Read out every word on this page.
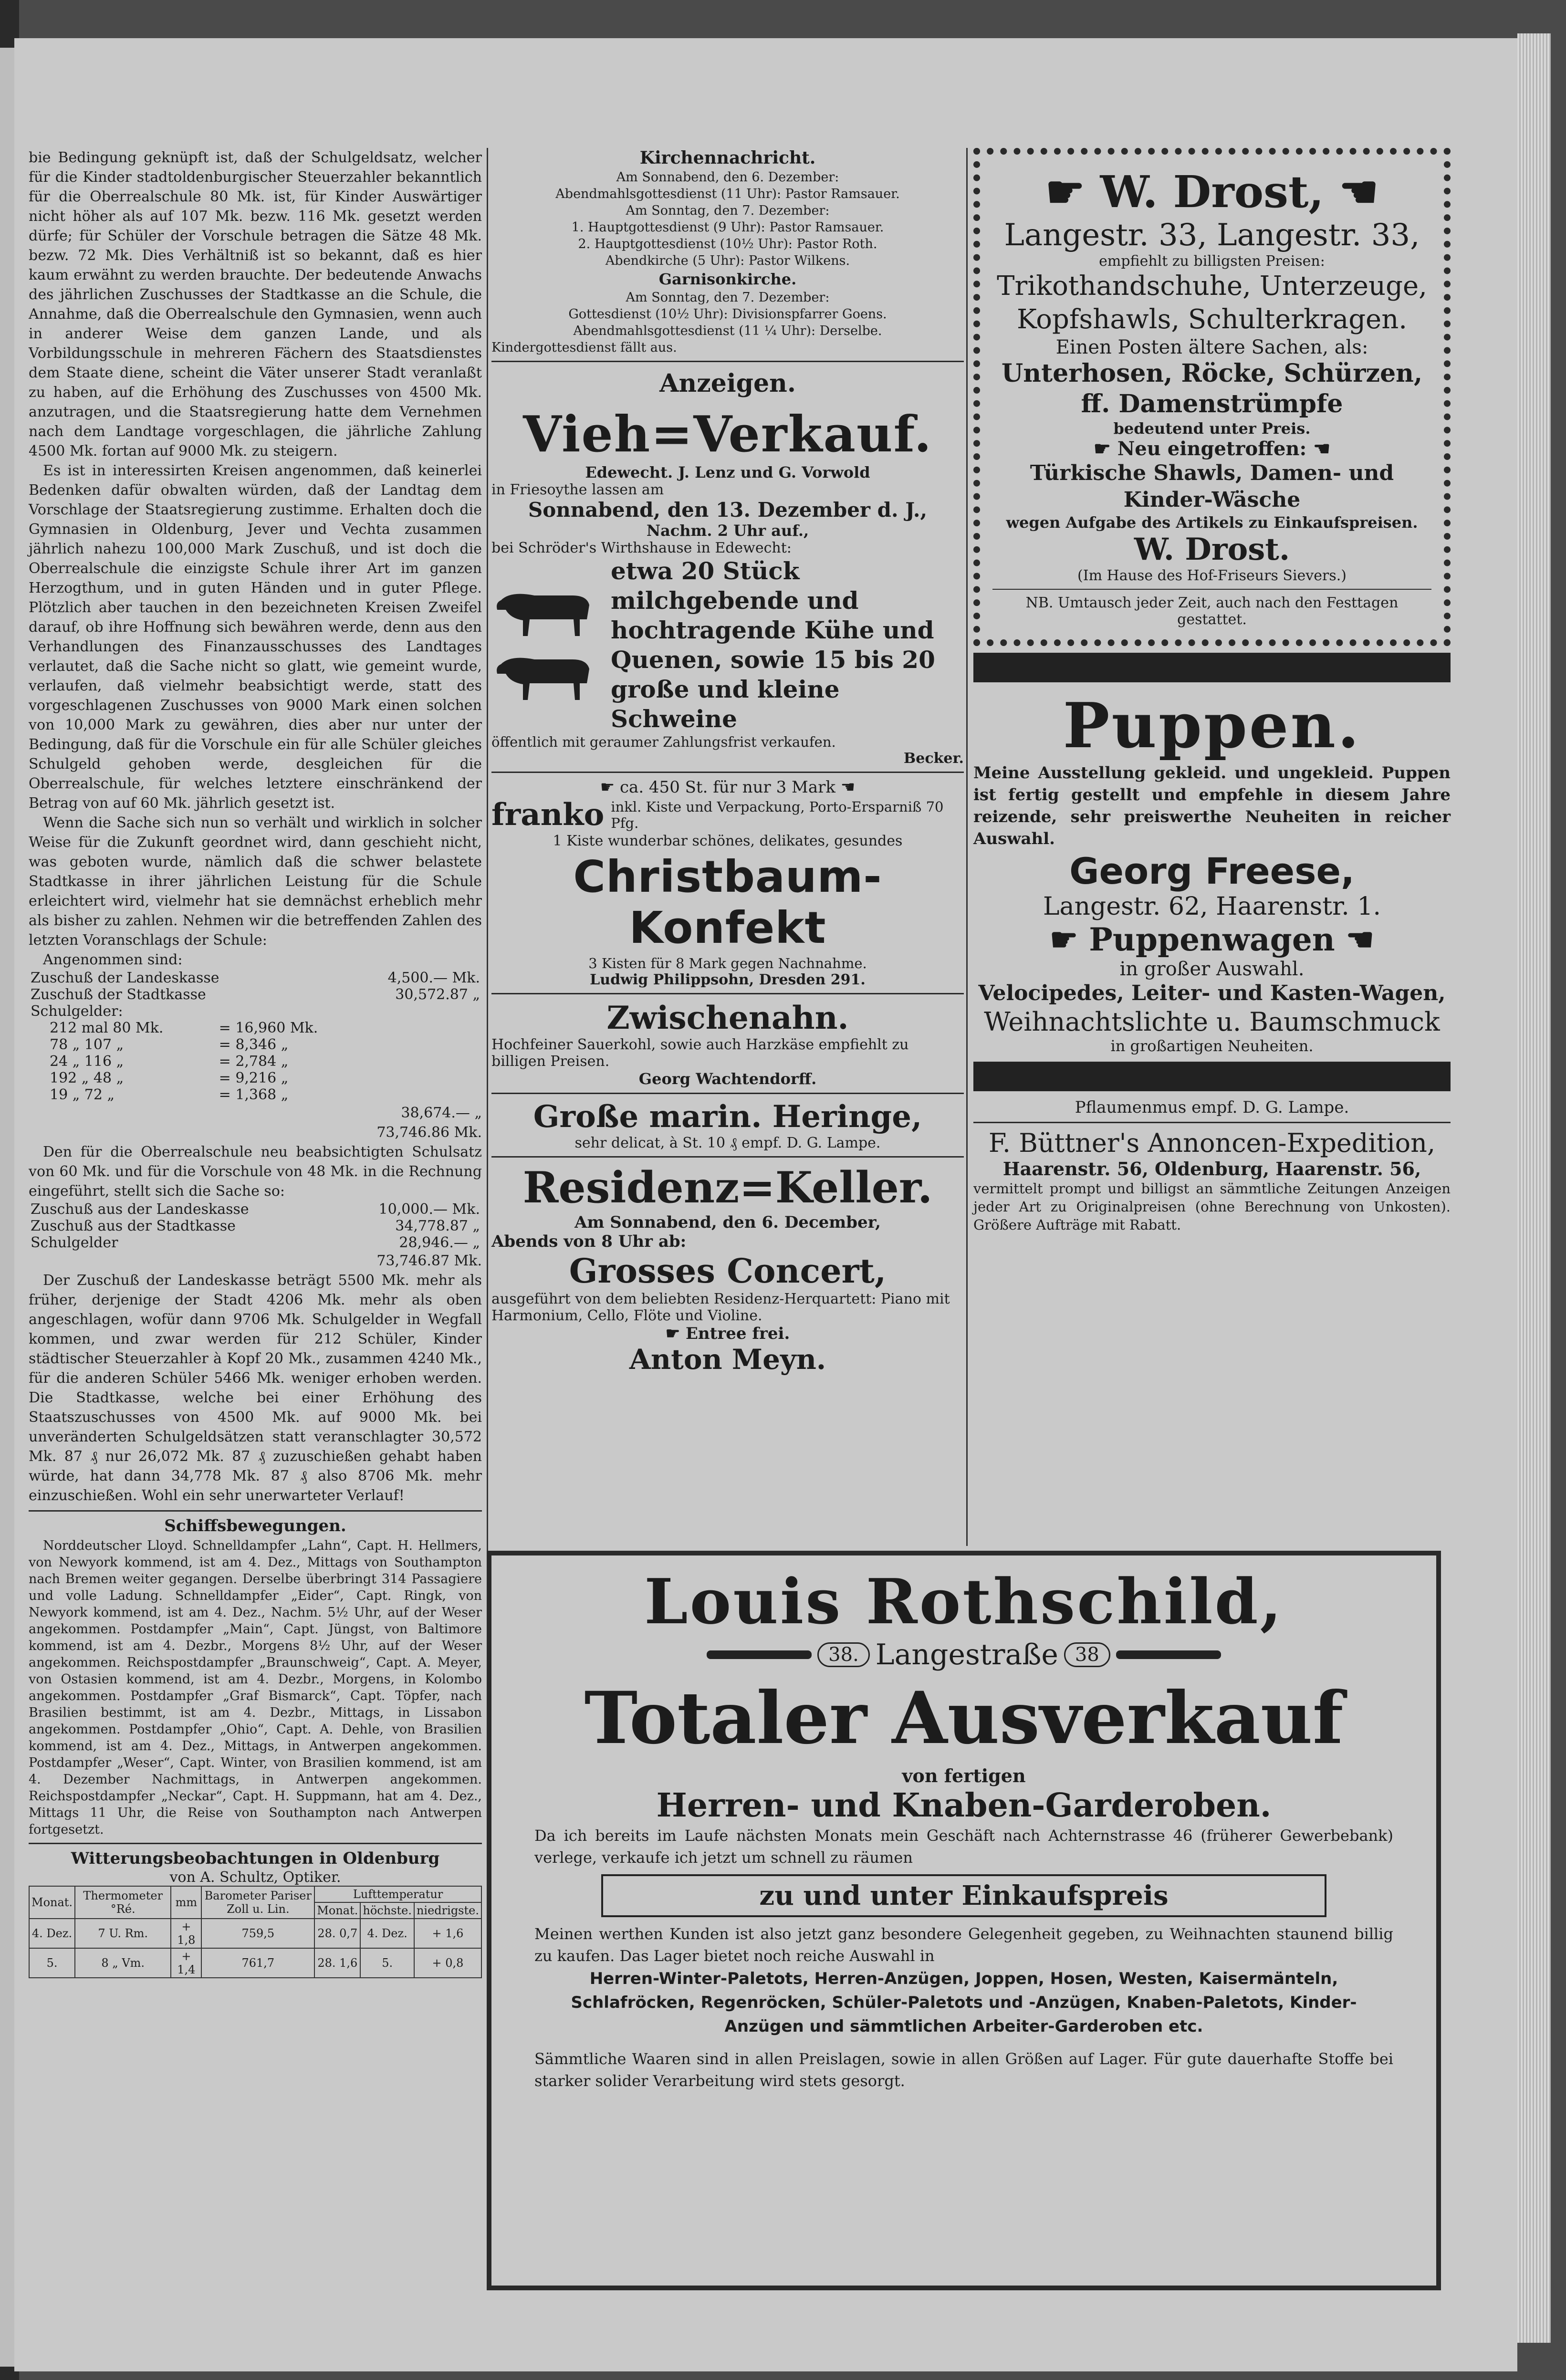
bie Bedingung geknüpft ist, daß der Schulgeldsatz, welcher für die Kinder stadtoldenburgischer Steuerzahler bekanntlich für die Oberrealschule 80 Mk. ist, für Kinder Auswärtiger nicht höher als auf 107 Mk. bezw. 116 Mk. gesetzt werden dürfe; für Schüler der Vorschule betragen die Sätze 48 Mk. bezw. 72 Mk. Dies Verhältniß ist so bekannt, daß es hier kaum erwähnt zu werden brauchte. Der bedeutende Anwachs des jährlichen Zuschusses der Stadtkasse an die Schule, die Annahme, daß die Oberrealschule den Gymnasien, wenn auch in anderer Weise dem ganzen Lande, und als Vorbildungsschule in mehreren Fächern des Staatsdienstes dem Staate diene, scheint die Väter unserer Stadt veranlaßt zu haben, auf die Erhöhung des Zuschusses von 4500 Mk. anzutragen, und die Staatsregierung hatte dem Vernehmen nach dem Landtage vorgeschlagen, die jährliche Zahlung 4500 Mk. fortan auf 9000 Mk. zu steigern.

Es ist in interessirten Kreisen angenommen, daß keinerlei Bedenken dafür obwalten würden, daß der Landtag dem Vorschlage der Staatsregierung zustimme. Erhalten doch die Gymnasien in Oldenburg, Jever und Vechta zusammen jährlich nahezu 100,000 Mark Zuschuß, und ist doch die Oberrealschule die einzigste Schule ihrer Art im ganzen Herzogthum, und in guten Händen und in guter Pflege. Plötzlich aber tauchen in den bezeichneten Kreisen Zweifel darauf, ob ihre Hoffnung sich bewähren werde, denn aus den Verhandlungen des Finanzausschusses des Landtages verlautet, daß die Sache nicht so glatt, wie gemeint wurde, verlaufen, daß vielmehr beabsichtigt werde, statt des vorgeschlagenen Zuschusses von 9000 Mark einen solchen von 10,000 Mark zu gewähren, dies aber nur unter der Bedingung, daß für die Vorschule ein für alle Schüler gleiches Schulgeld gehoben werde, desgleichen für die Oberrealschule, für welches letztere einschränkend der Betrag von auf 60 Mk. jährlich gesetzt ist.

Wenn die Sache sich nun so verhält und wirklich in solcher Weise für die Zukunft geordnet wird, dann geschieht nicht, was geboten wurde, nämlich daß die schwer belastete Stadtkasse in ihrer jährlichen Leistung für die Schule erleichtert wird, vielmehr hat sie demnächst erheblich mehr als bisher zu zahlen. Nehmen wir die betreffenden Zahlen des letzten Voranschlags der Schule:

Angenommen sind:

Zuschuß der Landeskasse	4,500.— Mk.
Zuschuß der Stadtkasse	30,572.87 „
Schulgelder:	
212 mal 80 Mk.	= 16,960 Mk.
78 „ 107 „	= 8,346 „
24 „ 116 „	= 2,784 „
192 „ 48 „	= 9,216 „
19 „ 72 „	= 1,368 „
38,674.— „
73,746.86 Mk.

Den für die Oberrealschule neu beabsichtigten Schulsatz von 60 Mk. und für die Vorschule von 48 Mk. in die Rechnung eingeführt, stellt sich die Sache so:

Zuschuß aus der Landeskasse	10,000.— Mk.
Zuschuß aus der Stadtkasse	34,778.87 „
Schulgelder	28,946.— „
73,746.87 Mk.

Der Zuschuß der Landeskasse beträgt 5500 Mk. mehr als früher, derjenige der Stadt 4206 Mk. mehr als oben angeschlagen, wofür dann 9706 Mk. Schulgelder in Wegfall kommen, und zwar werden für 212 Schüler, Kinder städtischer Steuerzahler à Kopf 20 Mk., zusammen 4240 Mk., für die anderen Schüler 5466 Mk. weniger erhoben werden. Die Stadtkasse, welche bei einer Erhöhung des Staatszuschusses von 4500 Mk. auf 9000 Mk. bei unveränderten Schulgeldsätzen statt veranschlagter 30,572 Mk. 87 ₰ nur 26,072 Mk. 87 ₰ zuzuschießen gehabt haben würde, hat dann 34,778 Mk. 87 ₰ also 8706 Mk. mehr einzuschießen. Wohl ein sehr unerwarteter Verlauf!

Schiffsbewegungen.

Norddeutscher Lloyd. Schnelldampfer „Lahn“, Capt. H. Hellmers, von Newyork kommend, ist am 4. Dez., Mittags von Southampton nach Bremen weiter gegangen. Derselbe überbringt 314 Passagiere und volle Ladung. Schnelldampfer „Eider“, Capt. Ringk, von Newyork kommend, ist am 4. Dez., Nachm. 5½ Uhr, auf der Weser angekommen. Postdampfer „Main“, Capt. Jüngst, von Baltimore kommend, ist am 4. Dezbr., Morgens 8½ Uhr, auf der Weser angekommen. Reichspostdampfer „Braunschweig“, Capt. A. Meyer, von Ostasien kommend, ist am 4. Dezbr., Morgens, in Kolombo angekommen. Postdampfer „Graf Bismarck“, Capt. Töpfer, nach Brasilien bestimmt, ist am 4. Dezbr., Mittags, in Lissabon angekommen. Postdampfer „Ohio“, Capt. A. Dehle, von Brasilien kommend, ist am 4. Dez., Mittags, in Antwerpen angekommen. Postdampfer „Weser“, Capt. Winter, von Brasilien kommend, ist am 4. Dezember Nachmittags, in Antwerpen angekommen. Reichspostdampfer „Neckar“, Capt. H. Suppmann, hat am 4. Dez., Mittags 11 Uhr, die Reise von Southampton nach Antwerpen fortgesetzt.

Witterungsbeobachtungen in Oldenburg
von A. Schultz, Optiker.
Monat.	Thermometer °Ré.	mm	Barometer Pariser Zoll u. Lin.	Lufttemperatur		
				Monat.	höchste.	niedrigste.
4. Dez.	7 U. Rm.	+ 1,8	759,5	28. 0,7	4. Dez.	+ 1,6
5.	8 „ Vm.	+ 1,4	761,7	28. 1,6	5.	+ 0,8
Kirchennachricht.
Am Sonnabend, den 6. Dezember:
Abendmahlsgottesdienst (11 Uhr): Pastor Ramsauer.
Am Sonntag, den 7. Dezember:
1. Hauptgottesdienst (9 Uhr): Pastor Ramsauer.
2. Hauptgottesdienst (10½ Uhr): Pastor Roth.
Abendkirche (5 Uhr): Pastor Wilkens.
Garnisonkirche.
Am Sonntag, den 7. Dezember:
Gottesdienst (10½ Uhr): Divisionspfarrer Goens.
Abendmahlsgottesdienst (11 ¼ Uhr): Derselbe.
Kindergottesdienst fällt aus.
Anzeigen.
Vieh=Verkauf.
Edewecht. J. Lenz und G. Vorwold
in Friesoythe lassen am
Sonnabend, den 13. Dezember d. J.,
Nachm. 2 Uhr auf.,
bei Schröder's Wirthshause in Edewecht:

etwa 20 Stück milchgebende und hochtragende Kühe und Quenen, sowie 15 bis 20 große und kleine Schweine
öffentlich mit geraumer Zahlungsfrist verkaufen.
Becker.
☛ ca. 450 St. für nur 3 Mark ☚
franko inkl. Kiste und Verpackung, Porto-Ersparniß 70 Pfg.
1 Kiste wunderbar schönes, delikates, gesundes
Christbaum-Konfekt
3 Kisten für 8 Mark gegen Nachnahme.
Ludwig Philippsohn, Dresden 291.
Zwischenahn.
Hochfeiner Sauerkohl, sowie auch Harzkäse empfiehlt zu billigen Preisen.
Georg Wachtendorff.
Große marin. Heringe,
sehr delicat, à St. 10 ₰ empf. D. G. Lampe.
Residenz=Keller.
Am Sonnabend, den 6. December,
Abends von 8 Uhr ab:
Grosses Concert,
ausgeführt von dem beliebten Residenz-Herquartett: Piano mit Harmonium, Cello, Flöte und Violine.
☛ Entree frei.
Anton Meyn.
☛ W. Drost, ☚
Langestr. 33, Langestr. 33,
empfiehlt zu billigsten Preisen:
Trikothandschuhe, Unterzeuge, Kopfshawls, Schulterkragen.
Einen Posten ältere Sachen, als:
Unterhosen, Röcke, Schürzen, ff. Damenstrümpfe
bedeutend unter Preis.
☛ Neu eingetroffen: ☚
Türkische Shawls, Damen- und Kinder-Wäsche
wegen Aufgabe des Artikels zu Einkaufspreisen.
W. Drost.
(Im Hause des Hof-Friseurs Sievers.)
NB. Umtausch jeder Zeit, auch nach den Festtagen gestattet.
Puppen.
Meine Ausstellung gekleid. und ungekleid. Puppen ist fertig gestellt und empfehle in diesem Jahre reizende, sehr preiswerthe Neuheiten in reicher Auswahl.
Georg Freese,
Langestr. 62, Haarenstr. 1.
☛ Puppenwagen ☚
in großer Auswahl.
Velocipedes, Leiter- und Kasten-Wagen,
Weihnachtslichte u. Baumschmuck
in großartigen Neuheiten.
Pflaumenmus empf. D. G. Lampe.
F. Büttner's Annoncen-Expedition,
Haarenstr. 56, Oldenburg, Haarenstr. 56,
vermittelt prompt und billigst an sämmtliche Zeitungen Anzeigen jeder Art zu Originalpreisen (ohne Berechnung von Unkosten). Größere Aufträge mit Rabatt.
Louis Rothschild,
38. Langestraße 38
Totaler Ausverkauf
von fertigen
Herren- und Knaben-Garderoben.
Da ich bereits im Laufe nächsten Monats mein Geschäft nach Achternstrasse 46 (früherer Gewerbebank) verlege, verkaufe ich jetzt um schnell zu räumen
zu und unter Einkaufspreis
Meinen werthen Kunden ist also jetzt ganz besondere Gelegenheit gegeben, zu Weihnachten staunend billig zu kaufen. Das Lager bietet noch reiche Auswahl in
Herren-Winter-Paletots, Herren-Anzügen, Joppen, Hosen, Westen, Kaisermänteln, Schlafröcken, Regenröcken, Schüler-Paletots und -Anzügen, Knaben-Paletots, Kinder-Anzügen und sämmtlichen Arbeiter-Garderoben etc.
Sämmtliche Waaren sind in allen Preislagen, sowie in allen Größen auf Lager. Für gute dauerhafte Stoffe bei starker solider Verarbeitung wird stets gesorgt.
